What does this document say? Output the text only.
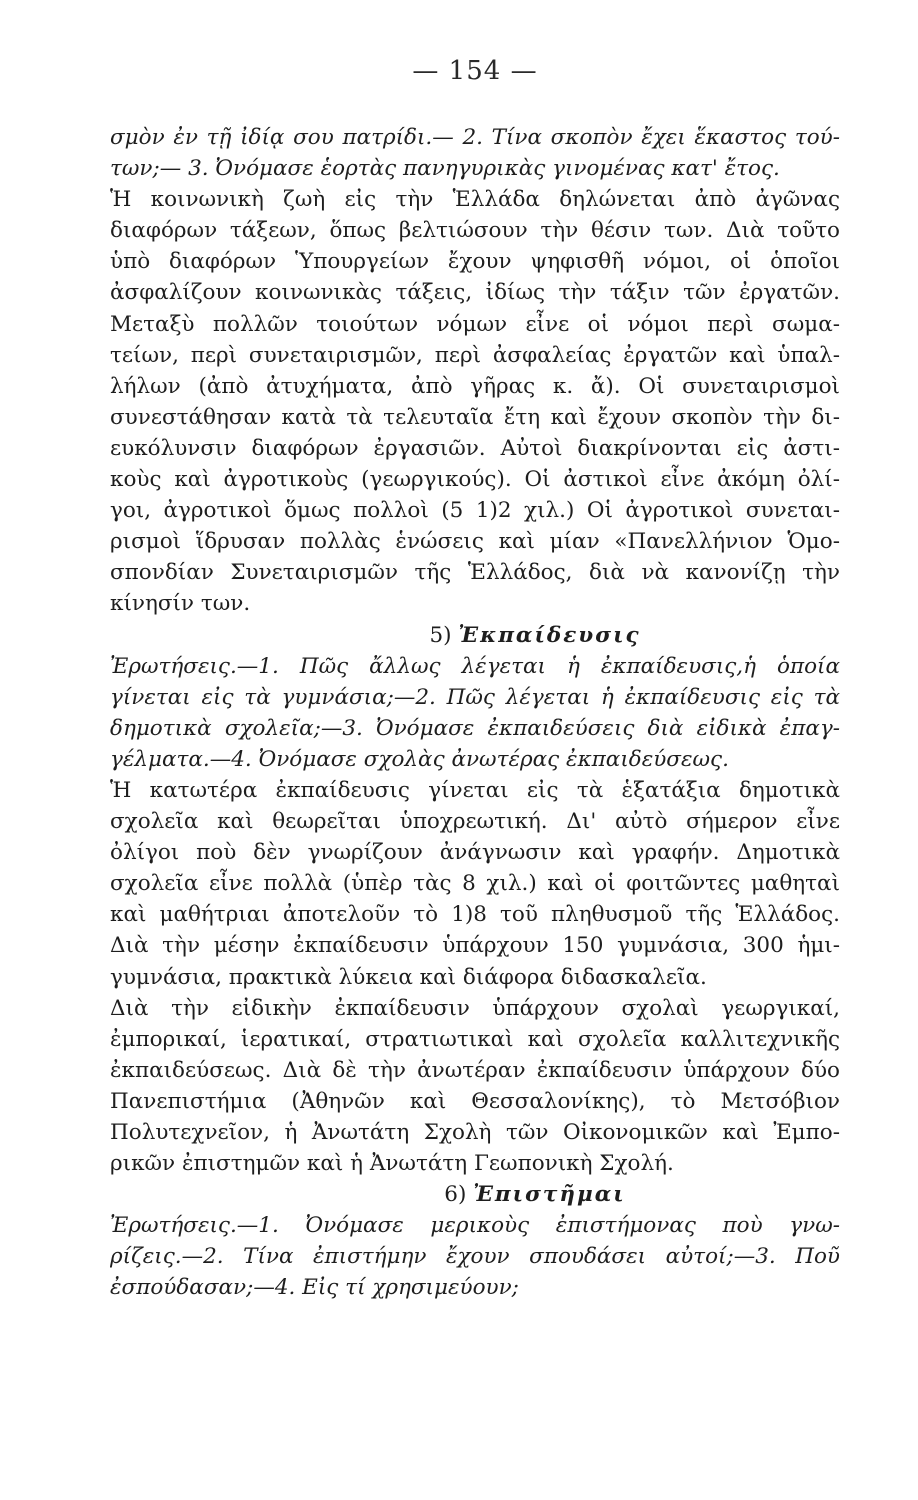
— 154 —
σμὸν ἐν τῇ ἰδίᾳ σου πατρίδι.— 2. Τίνα σκοπὸν ἔχει ἕκαστος τού-
των;— 3. Ὀνόμασε ἑορτὰς πανηγυρικὰς γινομένας κατ' ἔτος.
Ἡ κοινωνικὴ ζωὴ εἰς τὴν Ἑλλάδα δηλώνεται ἀπὸ ἀγῶνας
διαφόρων τάξεων, ὅπως βελτιώσουν τὴν θέσιν των. Διὰ τοῦτο
ὑπὸ διαφόρων Ὑπουργείων ἔχουν ψηφισθῆ νόμοι, οἱ ὁποῖοι
ἀσφαλίζουν κοινωνικὰς τάξεις, ἰδίως τὴν τάξιν τῶν ἐργατῶν.
Μεταξὺ πολλῶν τοιούτων νόμων εἶνε οἱ νόμοι περὶ σωμα-
τείων, περὶ συνεταιρισμῶν, περὶ ἀσφαλείας ἐργατῶν καὶ ὑπαλ-
λήλων (ἀπὸ ἀτυχήματα, ἀπὸ γῆρας κ. ἄ). Οἱ συνεταιρισμοὶ
συνεστάθησαν κατὰ τὰ τελευταῖα ἔτη καὶ ἔχουν σκοπὸν τὴν δι-
ευκόλυνσιν διαφόρων ἐργασιῶν. Αὐτοὶ διακρίνονται εἰς ἀστι-
κοὺς καὶ ἀγροτικοὺς (γεωργικούς). Οἱ ἀστικοὶ εἶνε ἀκόμη ὀλί-
γοι, ἀγροτικοὶ ὅμως πολλοὶ (5 1)2 χιλ.) Οἱ ἀγροτικοὶ συνεται-
ρισμοὶ ἵδρυσαν πολλὰς ἑνώσεις καὶ μίαν «Πανελλήνιον Ὁμο-
σπονδίαν Συνεταιρισμῶν τῆς Ἑλλάδος, διὰ νὰ κανονίζῃ τὴν
κίνησίν των.
5) Ἐκπαίδευσις
Ἐρωτήσεις.—1. Πῶς ἄλλως λέγεται ἡ ἐκπαίδευσις,ἡ ὁποία
γίνεται εἰς τὰ γυμνάσια;—2. Πῶς λέγεται ἡ ἐκπαίδευσις εἰς τὰ
δημοτικὰ σχολεῖα;—3. Ὀνόμασε ἐκπαιδεύσεις διὰ εἰδικὰ ἐπαγ-
γέλματα.—4. Ὀνόμασε σχολὰς ἀνωτέρας ἐκπαιδεύσεως.
Ἡ κατωτέρα ἐκπαίδευσις γίνεται εἰς τὰ ἑξατάξια δημοτικὰ
σχολεῖα καὶ θεωρεῖται ὑποχρεωτική. Δι' αὐτὸ σήμερον εἶνε
ὀλίγοι ποὺ δὲν γνωρίζουν ἀνάγνωσιν καὶ γραφήν. Δημοτικὰ
σχολεῖα εἶνε πολλὰ (ὑπὲρ τὰς 8 χιλ.) καὶ οἱ φοιτῶντες μαθηταὶ
καὶ μαθήτριαι ἀποτελοῦν τὸ 1)8 τοῦ πληθυσμοῦ τῆς Ἑλλάδος.
Διὰ τὴν μέσην ἐκπαίδευσιν ὑπάρχουν 150 γυμνάσια, 300 ἡμι-
γυμνάσια, πρακτικὰ λύκεια καὶ διάφορα διδασκαλεῖα.
Διὰ τὴν εἰδικὴν ἐκπαίδευσιν ὑπάρχουν σχολαὶ γεωργικαί,
ἐμπορικαί, ἱερατικαί, στρατιωτικαὶ καὶ σχολεῖα καλλιτεχνικῆς
ἐκπαιδεύσεως. Διὰ δὲ τὴν ἀνωτέραν ἐκπαίδευσιν ὑπάρχουν δύο
Πανεπιστήμια (Ἀθηνῶν καὶ Θεσσαλονίκης), τὸ Μετσόβιον
Πολυτεχνεῖον, ἡ Ἀνωτάτη Σχολὴ τῶν Οἰκονομικῶν καὶ Ἐμπο-
ρικῶν ἐπιστημῶν καὶ ἡ Ἀνωτάτη Γεωπονικὴ Σχολή.
6) Ἐπιστῆμαι
Ἐρωτήσεις.—1. Ὀνόμασε μερικοὺς ἐπιστήμονας ποὺ γνω-
ρίζεις.—2. Τίνα ἐπιστήμην ἔχουν σπουδάσει αὐτοί;—3. Ποῦ
ἐσπούδασαν;—4. Εἰς τί χρησιμεύουν;
